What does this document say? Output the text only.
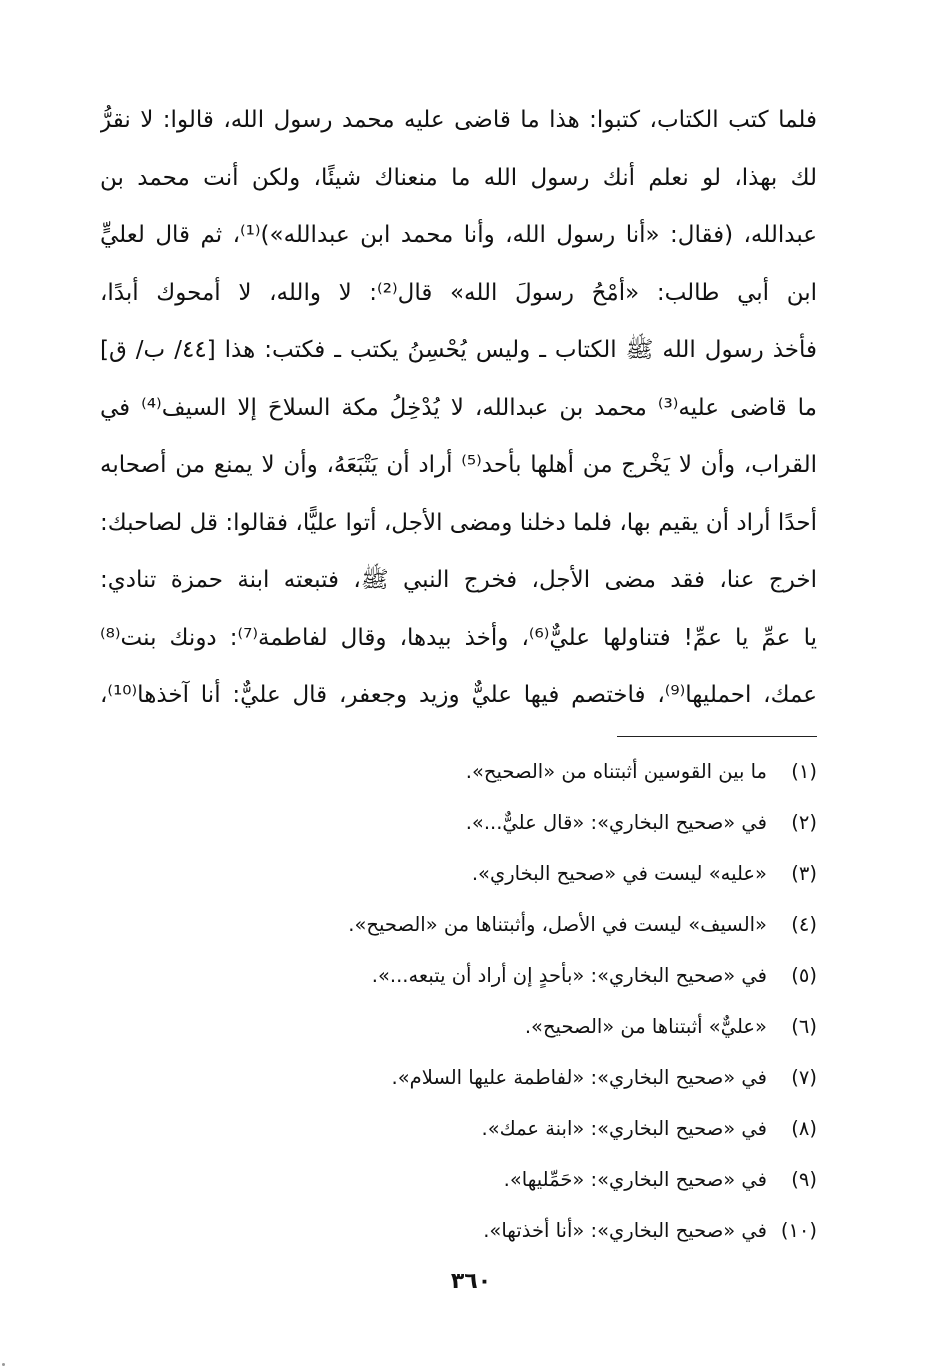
فلما كتب الكتاب، كتبوا: هذا ما قاضى عليه محمد رسول الله، قالوا: لا نقرُّ
لك بهذا، لو نعلم أنك رسول الله ما منعناك شيئًا، ولكن أنت محمد بن
عبدالله، (فقال: «أنا رسول الله، وأنا محمد ابن عبدالله»)⁽¹⁾، ثم قال لعليٍّ
ابن أبي طالب: «أمْحُ رسولَ الله» قال⁽²⁾: لا والله، لا أمحوك أبدًا،
فأخذ رسول الله ﷺ الكتاب ـ وليس يُحْسِنُ يكتب ـ فكتب: هذا [٤٤/ ب/ ق]
ما قاضى عليه⁽³⁾ محمد بن عبدالله، لا يُدْخِلُ مكة السلاحَ إلا السيف⁽⁴⁾ في
القراب، وأن لا يَخْرج من أهلها بأحد⁽⁵⁾ أراد أن يَتْبَعَهُ، وأن لا يمنع من أصحابه
أحدًا أراد أن يقيم بها، فلما دخلنا ومضى الأجل، أتوا عليًّا، فقالوا: قل لصاحبك:
اخرج عنا، فقد مضى الأجل، فخرج النبي ﷺ، فتبعته ابنة حمزة تنادي:
يا عمِّ يا عمِّ! فتناولها عليٌّ⁽⁶⁾، وأخذ بيدها، وقال لفاطمة⁽⁷⁾: دونك بنت⁽⁸⁾
عمك، احمليها⁽⁹⁾، فاختصم فيها عليٌّ وزيد وجعفر، قال عليٌّ: أنا آخذها⁽¹⁰⁾،
(١)
ما بين القوسين أثبتناه من «الصحيح».
(٢)
في «صحيح البخاري»: «قال عليٌّ...».
(٣)
«عليه» ليست في «صحيح البخاري».
(٤)
«السيف» ليست في الأصل، وأثبتناها من «الصحيح».
(٥)
في «صحيح البخاري»: «بأحدٍ إن أراد أن يتبعه...».
(٦)
«عليٌّ» أثبتناها من «الصحيح».
(٧)
في «صحيح البخاري»: «لفاطمة عليها السلام».
(٨)
في «صحيح البخاري»: «ابنة عمك».
(٩)
في «صحيح البخاري»: «حَمِّليها».
(١٠)
في «صحيح البخاري»: «أنا أخذتها».
٣٦٠
